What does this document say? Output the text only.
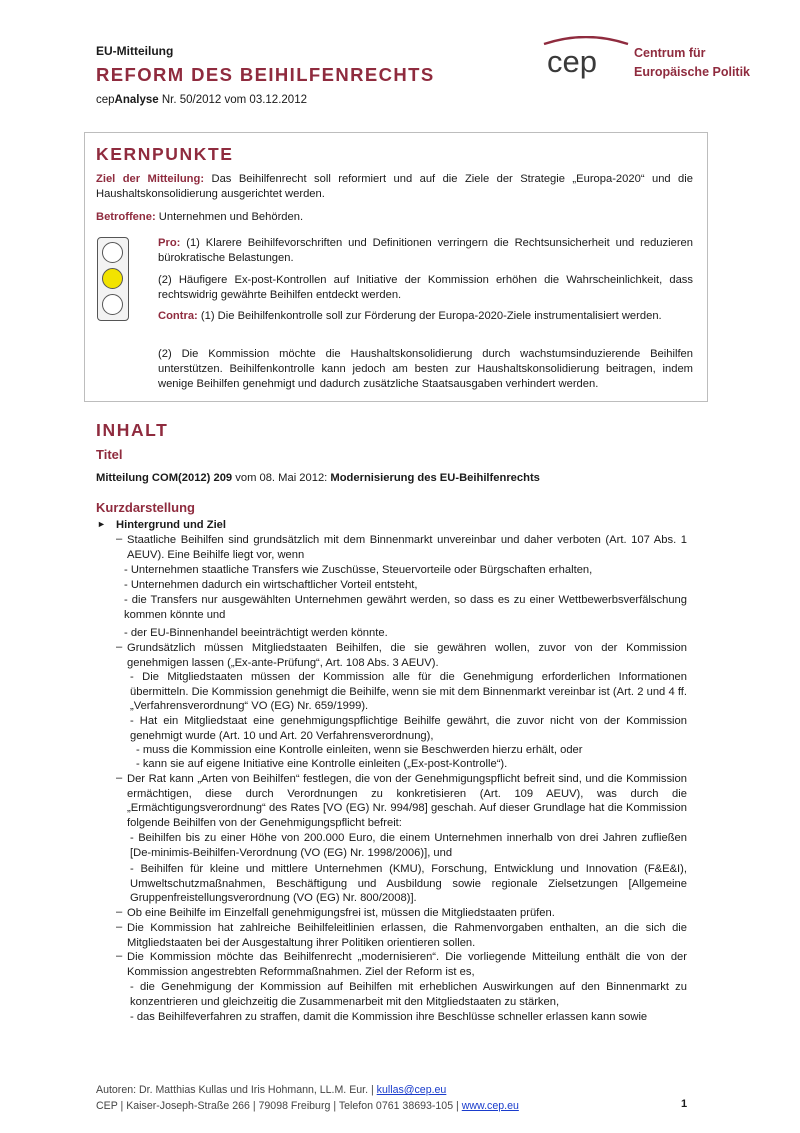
EU-Mitteilung
REFORM DES BEIHILFENRECHTS
cepAnalyse Nr. 50/2012 vom 03.12.2012
cep	Centrum für
Europäische Politik
KERNPUNKTE
Ziel der Mitteilung: Das Beihilfenrecht soll reformiert und auf die Ziele der Strategie „Europa-2020“ und die Haushaltskonsolidierung ausgerichtet werden.
Betroffene: Unternehmen und Behörden.
Pro: (1) Klarere Beihilfevorschriften und Definitionen verringern die Rechtsunsicherheit und reduzieren bürokratische Belastungen.
(2) Häufigere Ex-post-Kontrollen auf Initiative der Kommission erhöhen die Wahrscheinlichkeit, dass rechtswidrig gewährte Beihilfen entdeckt werden.
Contra: (1) Die Beihilfenkontrolle soll zur Förderung der Europa-2020-Ziele instrumentalisiert werden.
(2) Die Kommission möchte die Haushaltskonsolidierung durch wachstumsinduzierende Beihilfen unterstützen. Beihilfenkontrolle kann jedoch am besten zur Haushaltskonsolidierung beitragen, indem wenige Beihilfen genehmigt und dadurch zusätzliche Staatsausgaben verhindert werden.
INHALT
Titel
Mitteilung COM(2012) 209 vom 08. Mai 2012: Modernisierung des EU-Beihilfenrechts
Kurzdarstellung
► Hintergrund und Ziel
–
–
–
–
–
–
Staatliche Beihilfen sind grundsätzlich mit dem Binnenmarkt unvereinbar und daher verboten (Art. 107 Abs. 1 AEUV). Eine Beihilfe liegt vor, wenn
- Unternehmen staatliche Transfers wie Zuschüsse, Steuervorteile oder Bürgschaften erhalten,
- Unternehmen dadurch ein wirtschaftlicher Vorteil entsteht,
- die Transfers nur ausgewählten Unternehmen gewährt werden, so dass es zu einer Wettbewerbsverfälschung kommen könnte und
- der EU-Binnenhandel beeinträchtigt werden könnte.
Grundsätzlich müssen Mitgliedstaaten Beihilfen, die sie gewähren wollen, zuvor von der Kommission genehmigen lassen („Ex-ante-Prüfung“, Art. 108 Abs. 3 AEUV).
- Die Mitgliedstaaten müssen der Kommission alle für die Genehmigung erforderlichen Informationen übermitteln. Die Kommission genehmigt die Beihilfe, wenn sie mit dem Binnenmarkt vereinbar ist (Art. 2 und 4 ff. „Verfahrensverordnung“ VO (EG) Nr. 659/1999).
- Hat ein Mitgliedstaat eine genehmigungspflichtige Beihilfe gewährt, die zuvor nicht von der Kommission genehmigt wurde (Art. 10 und Art. 20 Verfahrensverordnung),
- muss die Kommission eine Kontrolle einleiten, wenn sie Beschwerden hierzu erhält, oder
- kann sie auf eigene Initiative eine Kontrolle einleiten („Ex-post-Kontrolle“).
Der Rat kann „Arten von Beihilfen“ festlegen, die von der Genehmigungspflicht befreit sind, und die Kommission ermächtigen, diese durch Verordnungen zu konkretisieren (Art. 109 AEUV), was durch die „Ermächtigungsverordnung“ des Rates [VO (EG) Nr. 994/98] geschah. Auf dieser Grundlage hat die Kommission folgende Beihilfen von der Genehmigungspflicht befreit:
- Beihilfen bis zu einer Höhe von 200.000 Euro, die einem Unternehmen innerhalb von drei Jahren zufließen [De-minimis-Beihilfen-Verordnung (VO (EG) Nr. 1998/2006)], und
- Beihilfen für kleine und mittlere Unternehmen (KMU), Forschung, Entwicklung und Innovation (F&E&I), Umweltschutzmaßnahmen, Beschäftigung und Ausbildung sowie regionale Zielsetzungen [Allgemeine Gruppenfreistellungsverordnung (VO (EG) Nr. 800/2008)].
Ob eine Beihilfe im Einzelfall genehmigungsfrei ist, müssen die Mitgliedstaaten prüfen.
Die Kommission hat zahlreiche Beihilfeleitlinien erlassen, die Rahmenvorgaben enthalten, an die sich die Mitgliedstaaten bei der Ausgestaltung ihrer Politiken orientieren sollen.
Die Kommission möchte das Beihilfenrecht „modernisieren“. Die vorliegende Mitteilung enthält die von der Kommission angestrebten Reformmaßnahmen. Ziel der Reform ist es,
- die Genehmigung der Kommission auf Beihilfen mit erheblichen Auswirkungen auf den Binnenmarkt zu konzentrieren und gleichzeitig die Zusammenarbeit mit den Mitgliedstaaten zu stärken,
- das Beihilfeverfahren zu straffen, damit die Kommission ihre Beschlüsse schneller erlassen kann sowie
Autoren: Dr. Matthias Kullas und Iris Hohmann, LL.M. Eur. | kullas@cep.eu
CEP | Kaiser-Joseph-Straße 266 | 79098 Freiburg | Telefon 0761 38693-105 | www.cep.eu	1
